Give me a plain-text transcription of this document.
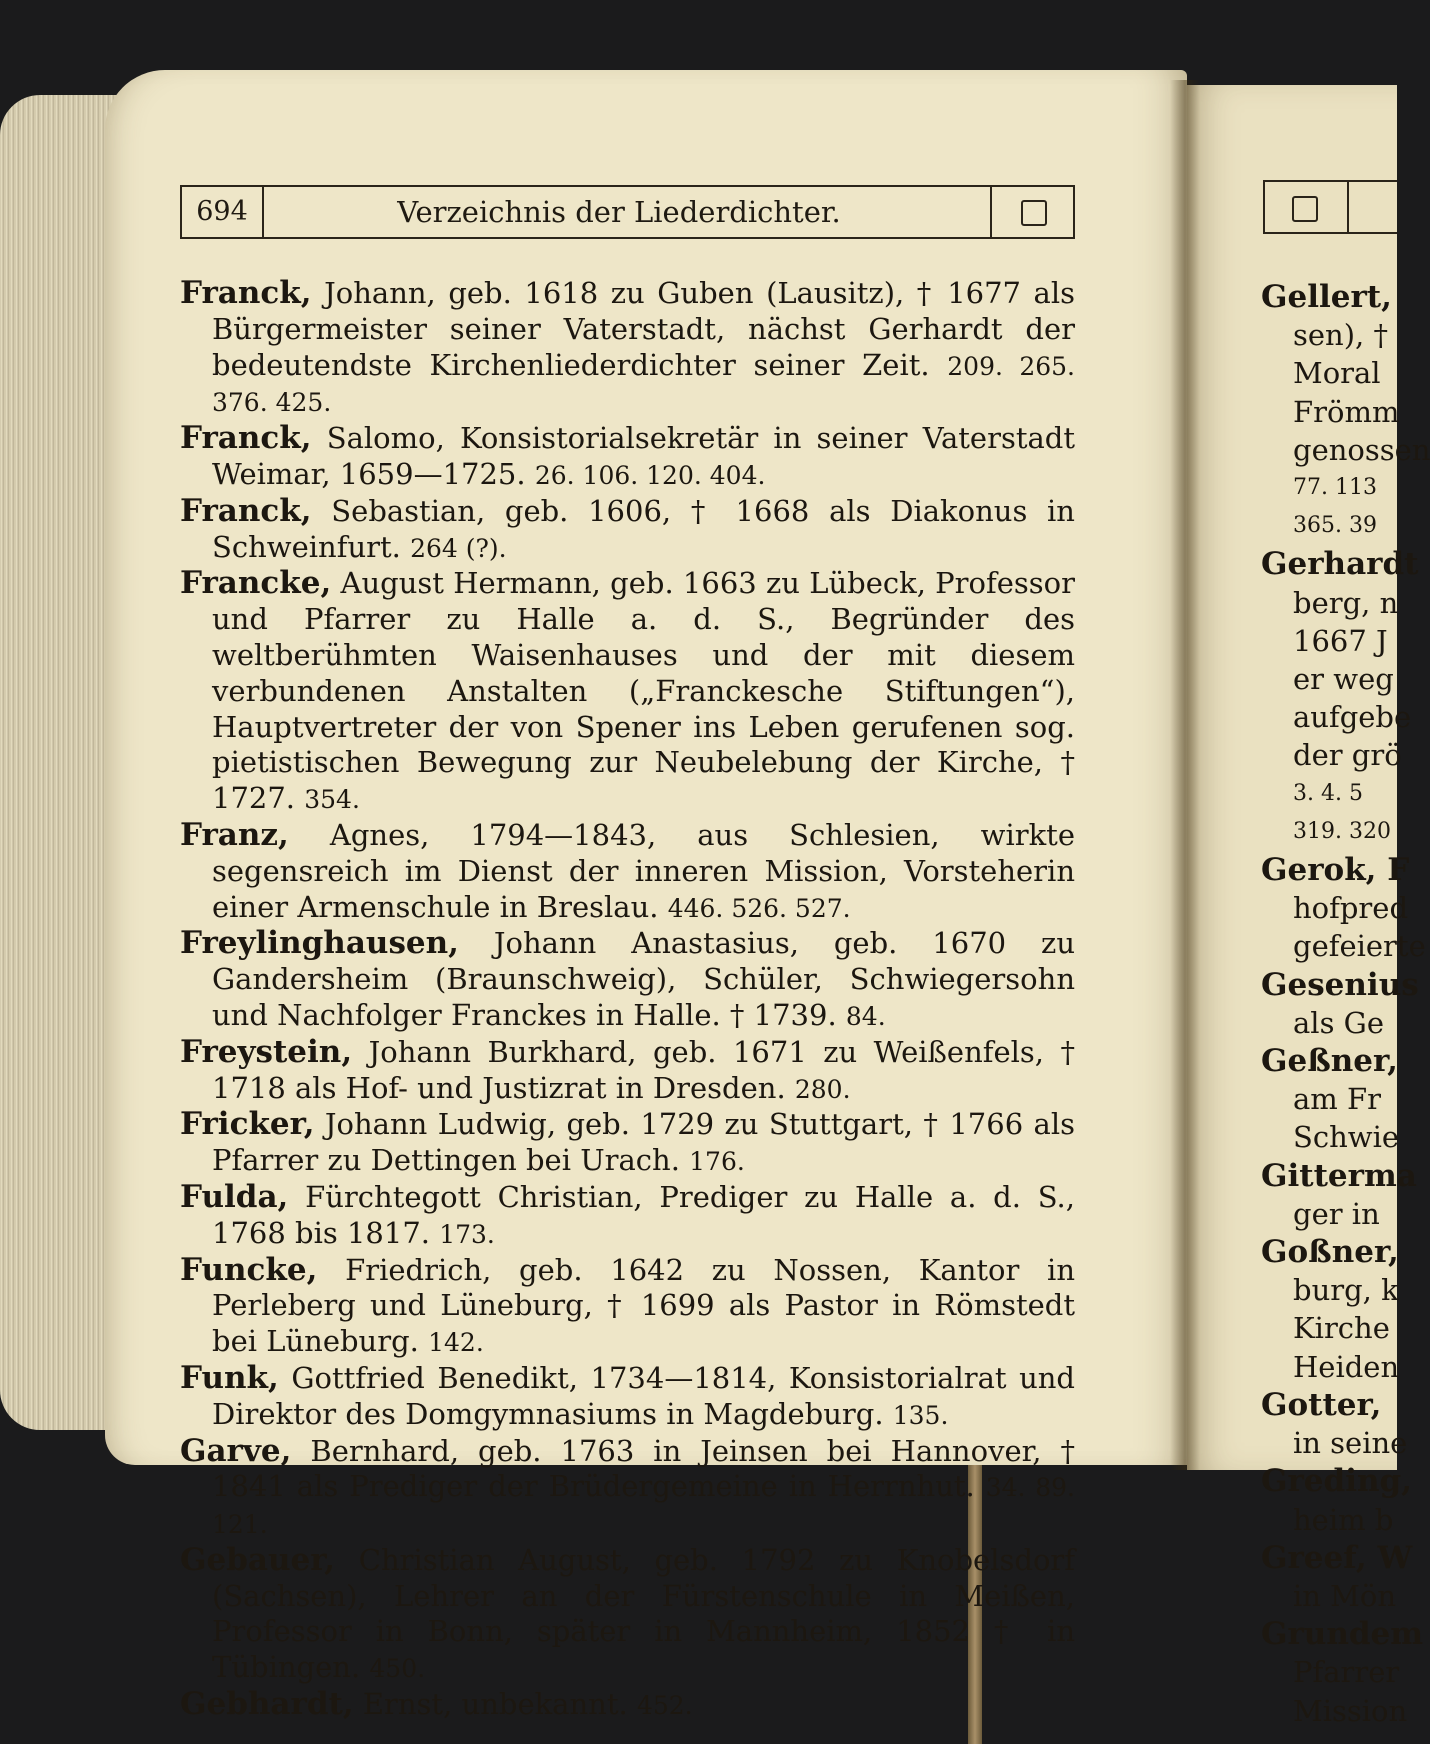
694	Verzeichnis der Liederdichter.

Franck, Johann, geb. 1618 zu Guben (Lausitz), † 1677 als Bürgermeister seiner Vaterstadt, nächst Gerhardt der bedeutendste Kirchenliederdichter seiner Zeit. 209. 265. 376. 425.

Franck, Salomo, Konsistorialsekretär in seiner Vaterstadt Weimar, 1659—1725. 26. 106. 120. 404.

Franck, Sebastian, geb. 1606, † 1668 als Diakonus in Schweinfurt. 264 (?).

Francke, August Hermann, geb. 1663 zu Lübeck, Professor und Pfarrer zu Halle a. d. S., Begründer des weltberühmten Waisenhauses und der mit diesem verbundenen Anstalten („Franckesche Stiftungen“), Hauptvertreter der von Spener ins Leben gerufenen sog. pietistischen Bewegung zur Neubelebung der Kirche, † 1727. 354.

Franz, Agnes, 1794—1843, aus Schlesien, wirkte segensreich im Dienst der inneren Mission, Vorsteherin einer Armenschule in Breslau. 446. 526. 527.

Freylinghausen, Johann Anastasius, geb. 1670 zu Gandersheim (Braunschweig), Schüler, Schwiegersohn und Nachfolger Franckes in Halle. † 1739. 84.

Freystein, Johann Burkhard, geb. 1671 zu Weißenfels, † 1718 als Hof- und Justizrat in Dresden. 280.

Fricker, Johann Ludwig, geb. 1729 zu Stuttgart, † 1766 als Pfarrer zu Dettingen bei Urach. 176.

Fulda, Fürchtegott Christian, Prediger zu Halle a. d. S., 1768 bis 1817. 173.

Funcke, Friedrich, geb. 1642 zu Nossen, Kantor in Perleberg und Lüneburg, † 1699 als Pastor in Römstedt bei Lüneburg. 142.

Funk, Gottfried Benedikt, 1734—1814, Konsistorialrat und Direktor des Domgymnasiums in Magdeburg. 135.

Garve, Bernhard, geb. 1763 in Jeinsen bei Hannover, † 1841 als Prediger der Brüdergemeine in Herrnhut. 34. 89. 121.

Gebauer, Christian August, geb. 1792 zu Knobelsdorf (Sachsen), Lehrer an der Fürstenschule in Meißen, Professor in Bonn, später in Mannheim, 1852 † in Tübingen. 450.

Gebhardt, Ernst, unbekannt. 452.

Gellert,
sen), †
Moral
Frömm
genossen
77. 113
365. 39
Gerhardt
berg, n
1667 J
er weg
aufgebe
der grö
3. 4. 5
319. 320
Gerok, F
hofpred
gefeierte
Gesenius
als Ge
Geßner,
am Fr
Schwie
Gitterma
ger in
Goßner,
burg, k
Kirche
Heiden
Gotter,
in seine
Greding,
heim b
Greef, W
in Mön
Grundem
Pfarrer
Mission
